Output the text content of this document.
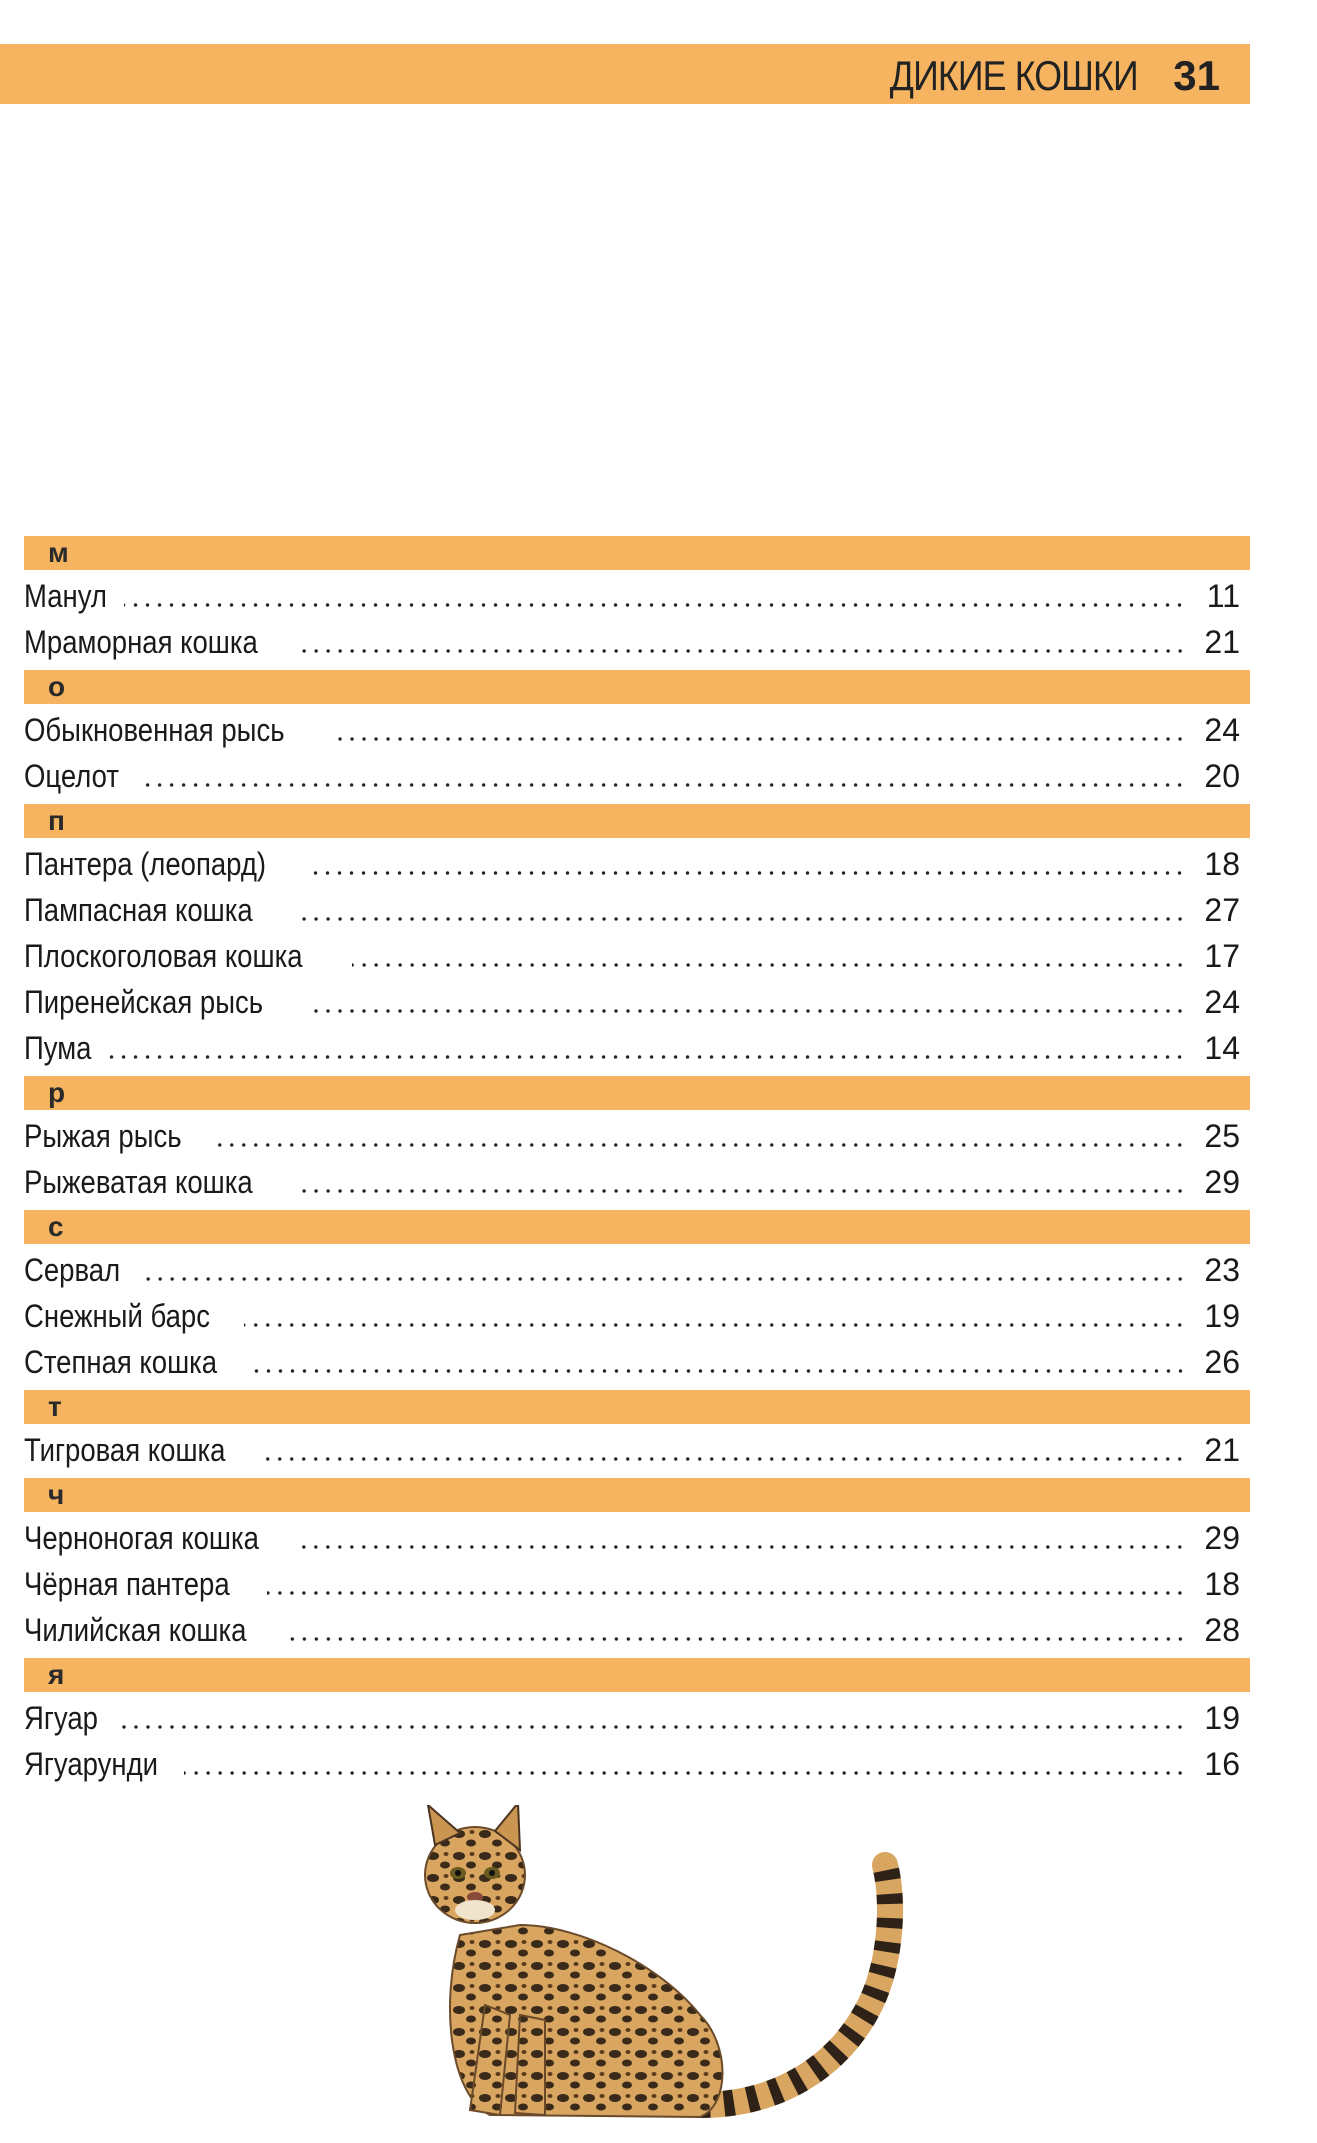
ДИКИЕ КОШКИ 31
м
Манул	11
Мраморная кошка	21
о
Обыкновенная рысь	24
Оцелот	20
п
Пантера (леопард)	18
Пампасная кошка	27
Плоскоголовая кошка	17
Пиренейская рысь	24
Пума	14
р
Рыжая рысь	25
Рыжеватая кошка	29
с
Сервал	23
Снежный барс	19
Степная кошка	26
т
Тигровая кошка	21
ч
Черноногая кошка	29
Чёрная пантера	18
Чилийская кошка	28
я
Ягуар	19
Ягуарунди	16
